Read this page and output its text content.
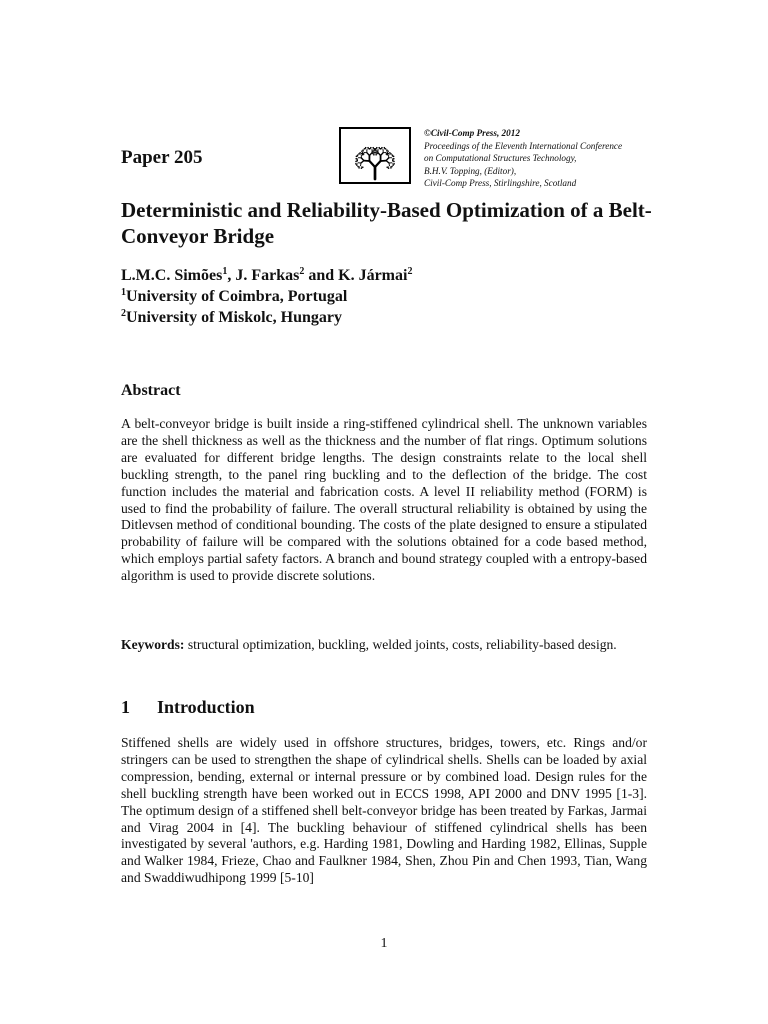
Paper 205
©Civil-Comp Press, 2012
Proceedings of the Eleventh International Conference
on Computational Structures Technology,
B.H.V. Topping, (Editor),
Civil-Comp Press, Stirlingshire, Scotland
Deterministic and Reliability-Based Optimization of a Belt-Conveyor Bridge
L.M.C. Simões$^1$, J. Farkas$^2$ and K. Jármai$^2$
$^1$University of Coimbra, Portugal
$^2$University of Miskolc, Hungary
Abstract
A belt-conveyor bridge is built inside a ring-stiffened cylindrical shell. The unknown variables are the shell thickness as well as the thickness and the number of flat rings. Optimum solutions are evaluated for different bridge lengths. The design constraints relate to the local shell buckling strength, to the panel ring buckling and to the deflection of the bridge. The cost function includes the material and fabrication costs. A level II reliability method (FORM) is used to find the probability of failure. The overall structural reliability is obtained by using the Ditlevsen method of conditional bounding. The costs of the plate designed to ensure a stipulated probability of failure will be compared with the solutions obtained for a code based method, which employs partial safety factors. A branch and bound strategy coupled with a entropy-based algorithm is used to provide discrete solutions.
Keywords: structural optimization, buckling, welded joints, costs, reliability-based design.
1 Introduction
Stiffened shells are widely used in offshore structures, bridges, towers, etc. Rings and/or stringers can be used to strengthen the shape of cylindrical shells. Shells can be loaded by axial compression, bending, external or internal pressure or by combined load. Design rules for the shell buckling strength have been worked out in ECCS 1998, API 2000 and DNV 1995 [1-3]. The optimum design of a stiffened shell belt-conveyor bridge has been treated by Farkas, Jarmai and Virag 2004 in [4]. The buckling behaviour of stiffened cylindrical shells has been investigated by several 'authors, e.g. Harding 1981, Dowling and Harding 1982, Ellinas, Supple and Walker 1984, Frieze, Chao and Faulkner 1984, Shen, Zhou Pin and Chen 1993, Tian, Wang and Swaddiwudhipong 1999 [5-10]
1
